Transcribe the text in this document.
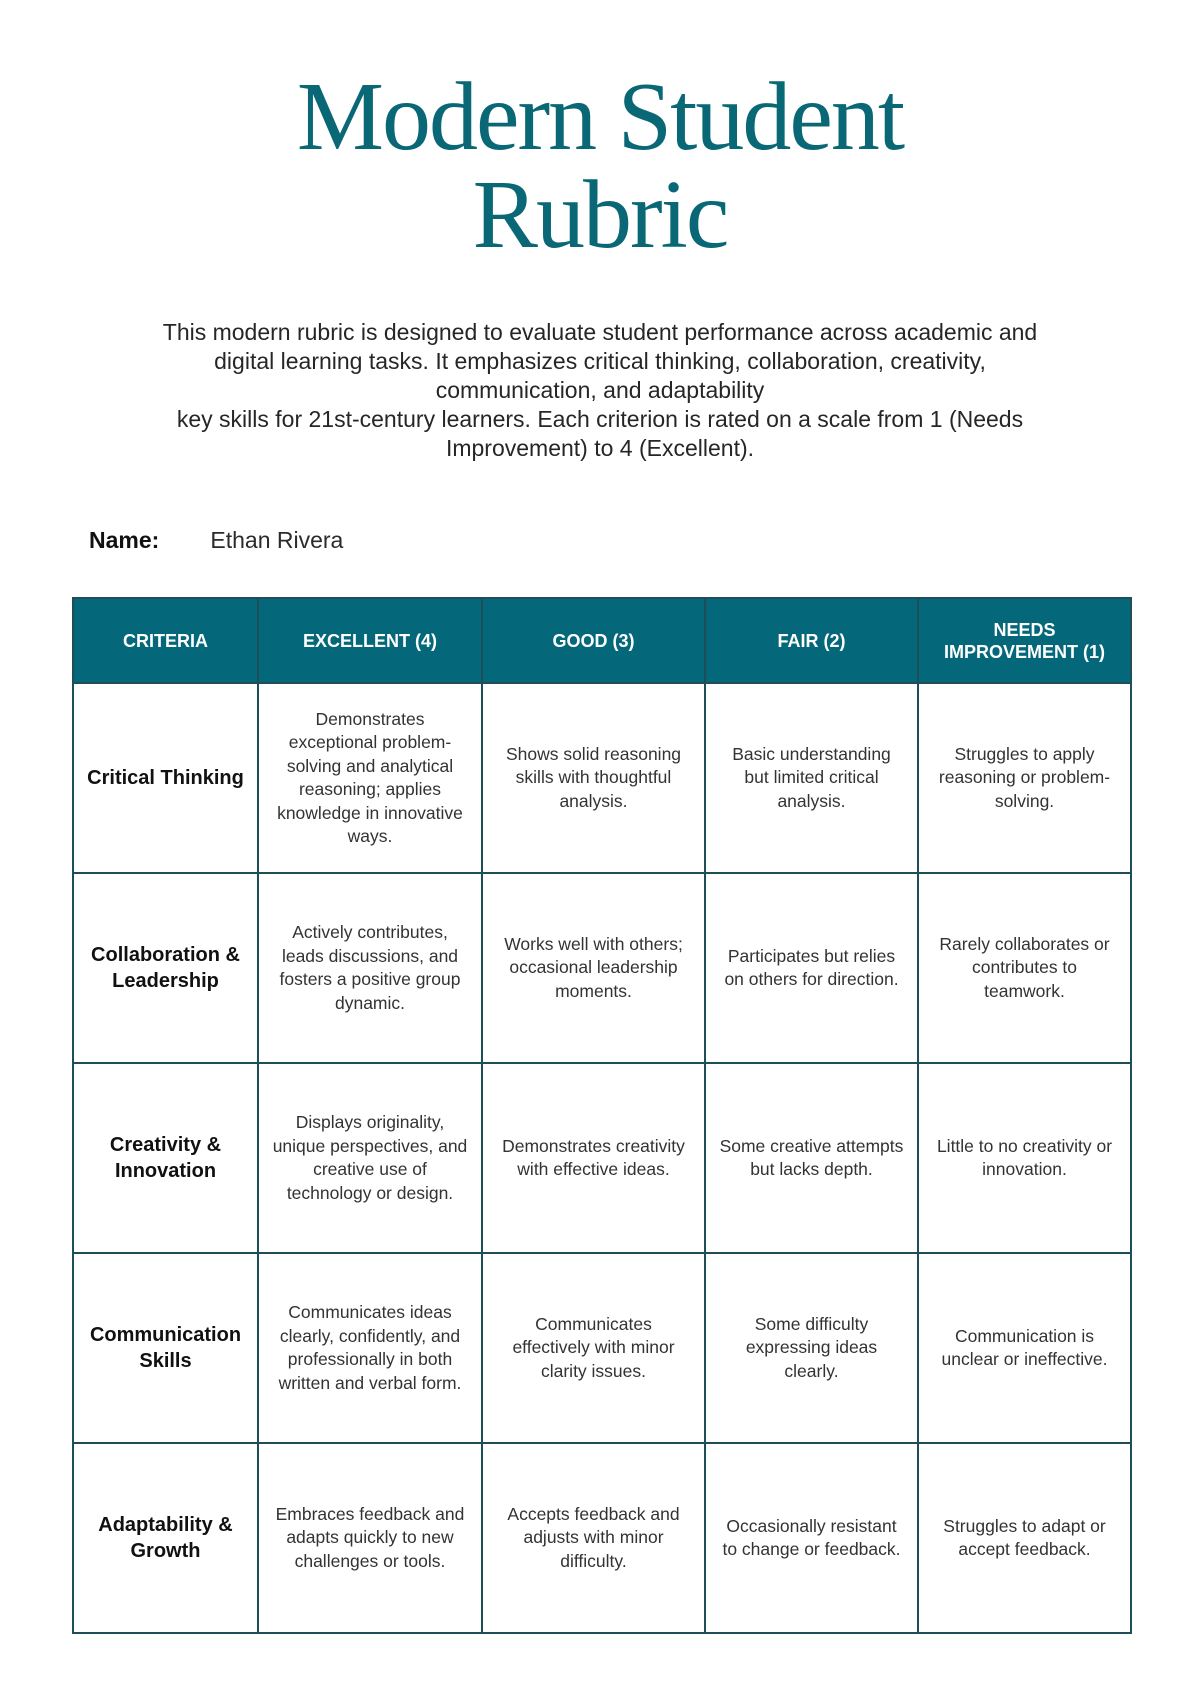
Modern Student
Rubric
This modern rubric is designed to evaluate student performance across academic and
digital learning tasks. It emphasizes critical thinking, collaboration, creativity,
communication, and adaptability
key skills for 21st-century learners. Each criterion is rated on a scale from 1 (Needs
Improvement) to 4 (Excellent).
Name: Ethan Rivera
CRITERIA	EXCELLENT (4)	GOOD (3)	FAIR (2)	NEEDS IMPROVEMENT (1)
Critical Thinking	Demonstrates exceptional problem-solving and analytical reasoning; applies knowledge in innovative ways.	Shows solid reasoning skills with thoughtful analysis.	Basic understanding but limited critical analysis.	Struggles to apply reasoning or problem-solving.
Collaboration & Leadership	Actively contributes, leads discussions, and fosters a positive group dynamic.	Works well with others; occasional leadership moments.	Participates but relies on others for direction.	Rarely collaborates or contributes to teamwork.
Creativity & Innovation	Displays originality, unique perspectives, and creative use of technology or design.	Demonstrates creativity with effective ideas.	Some creative attempts but lacks depth.	Little to no creativity or innovation.
Communication Skills	Communicates ideas clearly, confidently, and professionally in both written and verbal form.	Communicates effectively with minor clarity issues.	Some difficulty expressing ideas clearly.	Communication is unclear or ineffective.
Adaptability & Growth	Embraces feedback and adapts quickly to new challenges or tools.	Accepts feedback and adjusts with minor difficulty.	Occasionally resistant to change or feedback.	Struggles to adapt or accept feedback.
